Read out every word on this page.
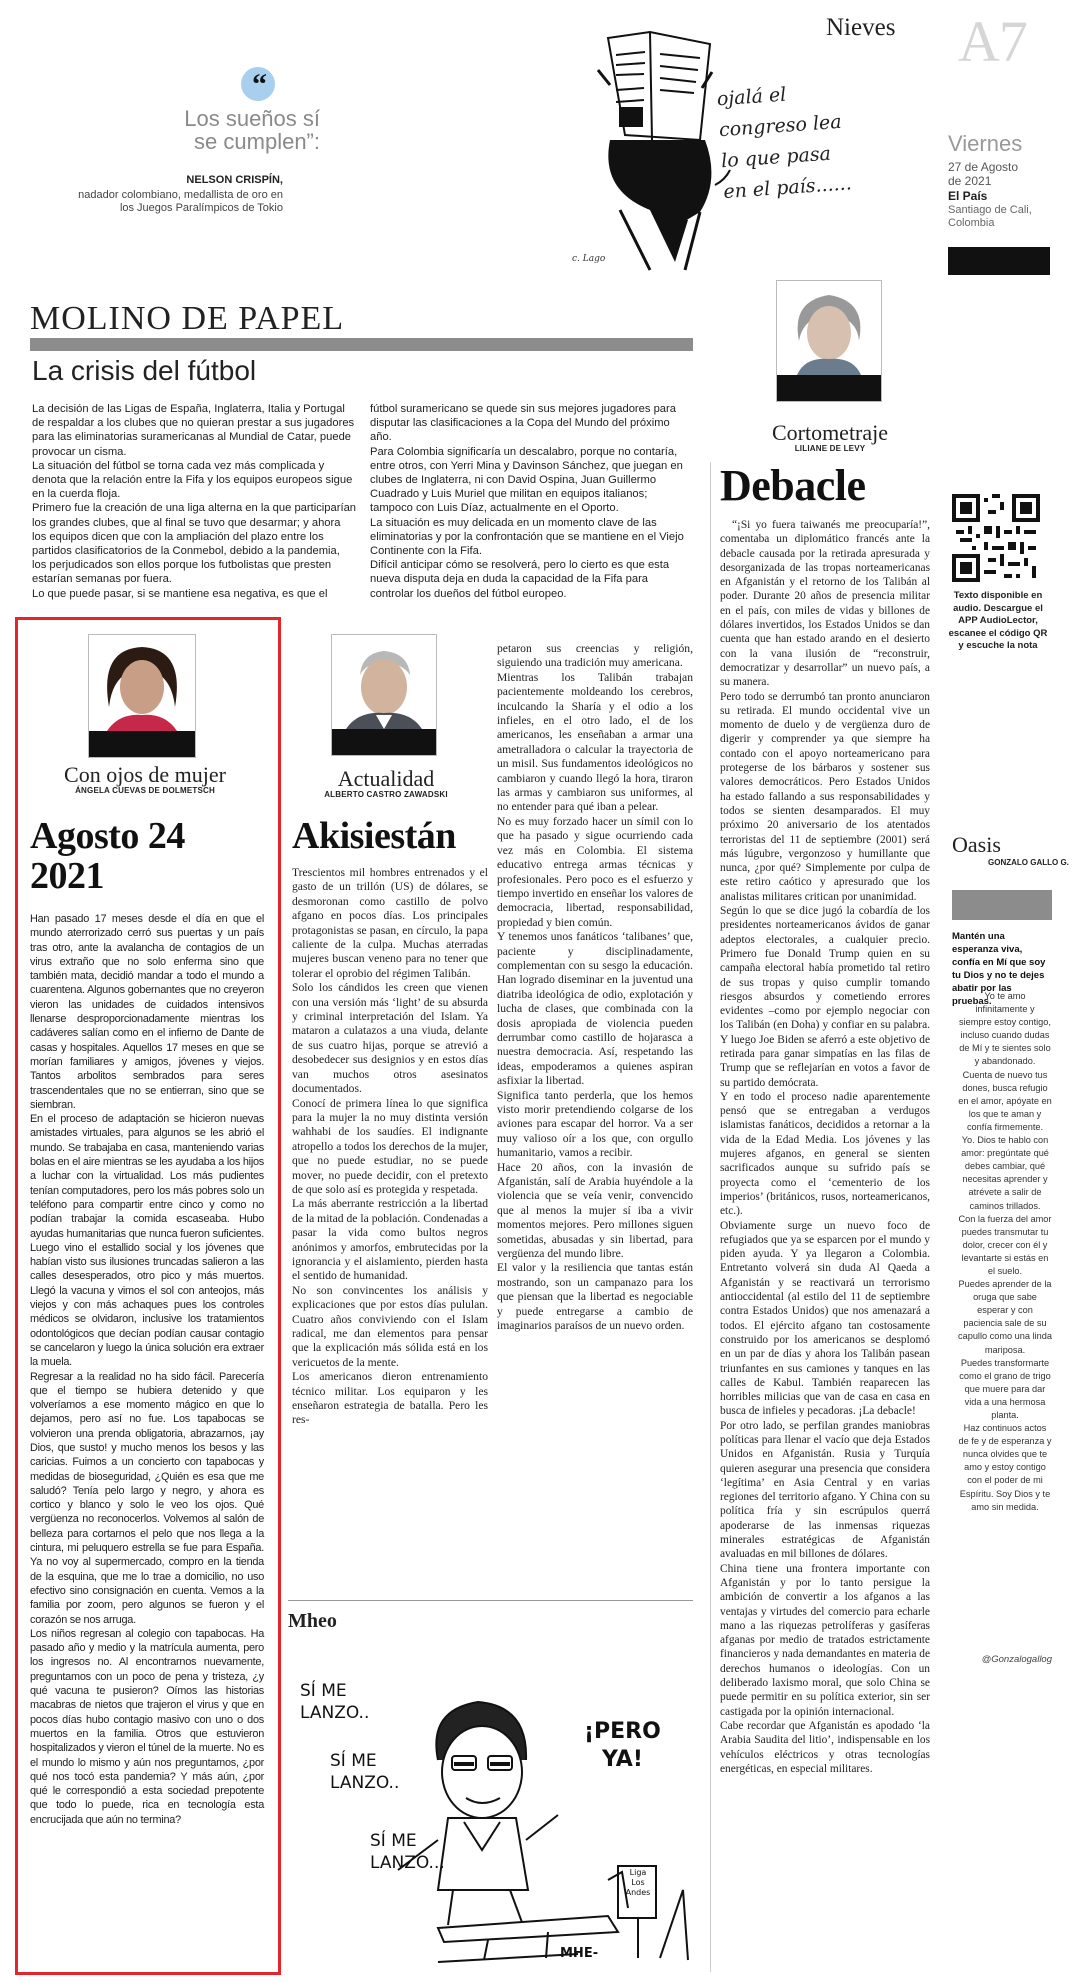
Nieves A7
Viernes
27 de Agosto
de 2021
El País
Santiago de Cali,
Colombia
“
Los sueños sí
se cumplen”:
NELSON CRISPÍN,
nadador colombiano, medallista de oro en
los Juegos Paralímpicos de Tokio
ojalá el
congreso lea
lo que pasa
en el país......
c. Lago
MOLINO DE PAPEL
La crisis del fútbol
La decisión de las Ligas de España, Inglaterra, Italia y Portugal de respaldar a los clubes que no quieran prestar a sus jugadores para las eliminatorias suramericanas al Mundial de Catar, puede provocar un cisma.
La situación del fútbol se torna cada vez más complicada y denota que la relación entre la Fifa y los equipos europeos sigue en la cuerda floja.
Primero fue la creación de una liga alterna en la que participarían los grandes clubes, que al final se tuvo que desarmar; y ahora los equipos dicen que con la ampliación del plazo entre los partidos clasificatorios de la Conmebol, debido a la pandemia, los perjudicados son ellos porque los futbolistas que presten estarían semanas por fuera.
Lo que puede pasar, si se mantiene esa negativa, es que el
fútbol suramericano se quede sin sus mejores jugadores para disputar las clasificaciones a la Copa del Mundo del próximo año.
Para Colombia significaría un descalabro, porque no contaría, entre otros, con Yerri Mina y Davinson Sánchez, que juegan en clubes de Inglaterra, ni con David Ospina, Juan Guillermo Cuadrado y Luis Muriel que militan en equipos italianos; tampoco con Luis Díaz, actualmente en el Oporto.
La situación es muy delicada en un momento clave de las eliminatorias y por la confrontación que se mantiene en el Viejo Continente con la Fifa.
Difícil anticipar cómo se resolverá, pero lo cierto es que esta nueva disputa deja en duda la capacidad de la Fifa para controlar los dueños del fútbol europeo.
Cortometraje
LILIANE DE LEVY
Debacle
“¡Si yo fuera taiwanés me preocuparía!”, comentaba un diplomático francés ante la debacle causada por la retirada apresurada y desorganizada de las tropas norteamericanas en Afganistán y el retorno de los Talibán al poder. Durante 20 años de presencia militar en el país, con miles de vidas y billones de dólares invertidos, los Estados Unidos se dan cuenta que han estado arando en el desierto con la vana ilusión de “reconstruir, democratizar y desarrollar” un nuevo país, a su manera.
Pero todo se derrumbó tan pronto anunciaron su retirada. El mundo occidental vive un momento de duelo y de vergüenza duro de digerir y comprender ya que siempre ha contado con el apoyo norteamericano para protegerse de los bárbaros y sostener sus valores democráticos. Pero Estados Unidos ha estado fallando a sus responsabilidades y todos se sienten desamparados. El muy próximo 20 aniversario de los atentados terroristas del 11 de septiembre (2001) será más lúgubre, vergonzoso y humillante que nunca, ¿por qué? Simplemente por culpa de este retiro caótico y apresurado que los analistas militares critican por unanimidad.
Según lo que se dice jugó la cobardía de los presidentes norteamericanos ávidos de ganar adeptos electorales, a cualquier precio. Primero fue Donald Trump quien en su campaña electoral había prometido tal retiro de sus tropas y quiso cumplir tomando riesgos absurdos y cometiendo errores evidentes –como por ejemplo negociar con los Talibán (en Doha) y confiar en su palabra. Y luego Joe Biden se aferró a este objetivo de retirada para ganar simpatías en las filas de Trump que se reflejarían en votos a favor de su partido demócrata.
Y en todo el proceso nadie aparentemente pensó que se entregaban a verdugos islamistas fanáticos, decididos a retornar a la vida de la Edad Media. Los jóvenes y las mujeres afganos, en general se sienten sacrificados aunque su sufrido país se proyecta como el ‘cementerio de los imperios’ (británicos, rusos, norteamericanos, etc.).
Obviamente surge un nuevo foco de refugiados que ya se esparcen por el mundo y piden ayuda. Y ya llegaron a Colombia. Entretanto volverá sin duda Al Qaeda a Afganistán y se reactivará un terrorismo antioccidental (al estilo del 11 de septiembre contra Estados Unidos) que nos amenazará a todos. El ejército afgano tan costosamente construido por los americanos se desplomó en un par de días y ahora los Talibán pasean triunfantes en sus camiones y tanques en las calles de Kabul. También reaparecen las horribles milicias que van de casa en casa en busca de infieles y pecadoras. ¡La debacle!
Por otro lado, se perfilan grandes maniobras políticas para llenar el vacío que deja Estados Unidos en Afganistán. Rusia y Turquía quieren asegurar una presencia que considera ‘legítima’ en Asia Central y en varias regiones del territorio afgano. Y China con su política fría y sin escrúpulos querrá apoderarse de las inmensas riquezas minerales estratégicas de Afganistán avaluadas en mil billones de dólares.
China tiene una frontera importante con Afganistán y por lo tanto persigue la ambición de convertir a los afganos a las ventajas y virtudes del comercio para echarle mano a las riquezas petrolíferas y gasíferas afganas por medio de tratados estrictamente financieros y nada demandantes en materia de derechos humanos o ideologías. Con un deliberado laxismo moral, que solo China se puede permitir en su política exterior, sin ser castigada por la opinión internacional.
Cabe recordar que Afganistán es apodado ‘la Arabia Saudita del litio’, indispensable en los vehículos eléctricos y otras tecnologías energéticas, en especial militares.
Texto disponible en audio. Descargue el APP AudioLector, escanee el código QR y escuche la nota
Oasis
GONZALO GALLO G.
Mantén una esperanza viva, confía en Mí que soy tu Dios y no te dejes abatir por las pruebas.
Yo te amo infinitamente y siempre estoy contigo, incluso cuando dudas de Mí y te sientes solo y abandonado.
Cuenta de nuevo tus dones, busca refugio en el amor, apóyate en los que te aman y confía firmemente.
Yo. Dios te hablo con amor: pregúntate qué debes cambiar, qué necesitas aprender y atrévete a salir de caminos trillados.
Con la fuerza del amor puedes transmutar tu dolor, crecer con él y levantarte si estás en el suelo.
Puedes aprender de la oruga que sabe esperar y con paciencia sale de su capullo como una linda mariposa.
Puedes transformarte como el grano de trigo que muere para dar vida a una hermosa planta.
Haz continuos actos de fe y de esperanza y nunca olvides que te amo y estoy contigo con el poder de mi Espíritu. Soy Dios y te amo sin medida.
@Gonzalogallog
Con ojos de mujer
ÁNGELA CUEVAS DE DOLMETSCH
Agosto 24
2021
Han pasado 17 meses desde el día en que el mundo aterrorizado cerró sus puertas y un país tras otro, ante la avalancha de contagios de un virus extraño que no solo enferma sino que también mata, decidió mandar a todo el mundo a cuarentena. Algunos gobernantes que no creyeron vieron las unidades de cuidados intensivos llenarse desproporcionadamente mientras los cadáveres salían como en el infierno de Dante de casas y hospitales. Aquellos 17 meses en que se morían familiares y amigos, jóvenes y viejos. Tantos arbolitos sembrados para seres trascendentales que no se entierran, sino que se siembran.
En el proceso de adaptación se hicieron nuevas amistades virtuales, para algunos se les abrió el mundo. Se trabajaba en casa, manteniendo varias bolas en el aire mientras se les ayudaba a los hijos a luchar con la virtualidad. Los más pudientes tenían computadores, pero los más pobres solo un teléfono para compartir entre cinco y como no podían trabajar la comida escaseaba. Hubo ayudas humanitarias que nunca fueron suficientes. Luego vino el estallido social y los jóvenes que habían visto sus ilusiones truncadas salieron a las calles desesperados, otro pico y más muertos. Llegó la vacuna y vimos el sol con anteojos, más viejos y con más achaques pues los controles médicos se olvidaron, inclusive los tratamientos odontológicos que decían podían causar contagio se cancelaron y luego la única solución era extraer la muela.
Regresar a la realidad no ha sido fácil. Parecería que el tiempo se hubiera detenido y que volveríamos a ese momento mágico en que lo dejamos, pero así no fue. Los tapabocas se volvieron una prenda obligatoria, abrazarnos, ¡ay Dios, que susto! y mucho menos los besos y las caricias. Fuimos a un concierto con tapabocas y medidas de bioseguridad, ¿Quién es esa que me saludó? Tenía pelo largo y negro, y ahora es cortico y blanco y solo le veo los ojos. Qué vergüenza no reconocerlos. Volvemos al salón de belleza para cortarnos el pelo que nos llega a la cintura, mi peluquero estrella se fue para España. Ya no voy al supermercado, compro en la tienda de la esquina, que me lo trae a domicilio, no uso efectivo sino consignación en cuenta. Vemos a la familia por zoom, pero algunos se fueron y el corazón se nos arruga.
Los niños regresan al colegio con tapabocas. Ha pasado año y medio y la matrícula aumenta, pero los ingresos no. Al encontrarnos nuevamente, preguntamos con un poco de pena y tristeza, ¿y qué vacuna te pusieron? Oímos las historias macabras de nietos que trajeron el virus y que en pocos días hubo contagio masivo con uno o dos muertos en la familia. Otros que estuvieron hospitalizados y vieron el túnel de la muerte. No es el mundo lo mismo y aún nos preguntamos, ¿por qué nos tocó esta pandemia? Y más aún, ¿por qué le correspondió a esta sociedad prepotente que todo lo puede, rica en tecnología esta encrucijada que aún no termina?
Actualidad
ALBERTO CASTRO ZAWADSKI
Akisiestán
Trescientos mil hombres entrenados y el gasto de un trillón (US) de dólares, se desmoronan como castillo de polvo afgano en pocos días. Los principales protagonistas se pasan, en círculo, la papa caliente de la culpa. Muchas aterradas mujeres buscan veneno para no tener que tolerar el oprobio del régimen Talibán.
Solo los cándidos les creen que vienen con una versión más ‘light’ de su absurda y criminal interpretación del Islam. Ya mataron a culatazos a una viuda, delante de sus cuatro hijas, porque se atrevió a desobedecer sus designios y en estos días van muchos otros asesinatos documentados.
Conocí de primera línea lo que significa para la mujer la no muy distinta versión wahhabi de los saudíes. El indignante atropello a todos los derechos de la mujer, que no puede estudiar, no se puede mover, no puede decidir, con el pretexto de que solo así es protegida y respetada.
La más aberrante restricción a la libertad de la mitad de la población. Condenadas a pasar la vida como bultos negros anónimos y amorfos, embrutecidas por la ignorancia y el aislamiento, pierden hasta el sentido de humanidad.
No son convincentes los análisis y explicaciones que por estos días pululan. Cuatro años conviviendo con el Islam radical, me dan elementos para pensar que la explicación más sólida está en los vericuetos de la mente.
Los americanos dieron entrenamiento técnico militar. Los equiparon y les enseñaron estrategia de batalla. Pero les res-
petaron sus creencias y religión, siguiendo una tradición muy americana.
Mientras los Talibán trabajan pacientemente moldeando los cerebros, inculcando la Sharía y el odio a los infieles, en el otro lado, el de los americanos, les enseñaban a armar una ametralladora o calcular la trayectoria de un misil. Sus fundamentos ideológicos no cambiaron y cuando llegó la hora, tiraron las armas y cambiaron sus uniformes, al no entender para qué iban a pelear.
No es muy forzado hacer un símil con lo que ha pasado y sigue ocurriendo cada vez más en Colombia. El sistema educativo entrega armas técnicas y profesionales. Pero poco es el esfuerzo y tiempo invertido en enseñar los valores de democracia, libertad, responsabilidad, propiedad y bien común.
Y tenemos unos fanáticos ‘talibanes’ que, paciente y disciplinadamente, complementan con su sesgo la educación. Han logrado diseminar en la juventud una diatriba ideológica de odio, explotación y lucha de clases, que combinada con la dosis apropiada de violencia pueden derrumbar como castillo de hojarasca a nuestra democracia. Así, respetando las ideas, empoderamos a quienes aspiran asfixiar la libertad.
Significa tanto perderla, que los hemos visto morir pretendiendo colgarse de los aviones para escapar del horror. Va a ser muy valioso oír a los que, con orgullo humanitario, vamos a recibir.
Hace 20 años, con la invasión de Afganistán, salí de Arabia huyéndole a la violencia que se veía venir, convencido que al menos la mujer sí iba a vivir momentos mejores. Pero millones siguen sometidas, abusadas y sin libertad, para vergüenza del mundo libre.
El valor y la resiliencia que tantas están mostrando, son un campanazo para los que piensan que la libertad es negociable y puede entregarse a cambio de imaginarios paraísos de un nuevo orden.
Mheo
SÍ ME
LANZO..
SÍ ME
LANZO..
SÍ ME
LANZO...
¡PERO
YA!
Liga
Los
Andes
MHE-
